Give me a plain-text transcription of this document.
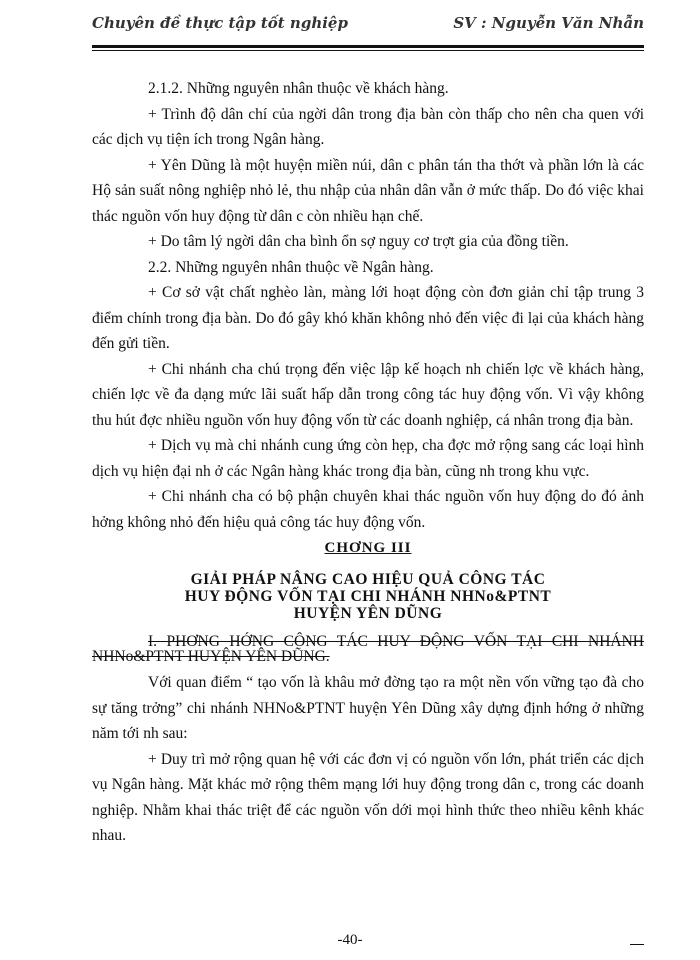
Chuyên đề thực tập tốt nghiệp	SV : Nguyễn Văn Nhẫn

2.1.2. Những nguyên nhân thuộc về khách hàng.

+ Trình độ dân chí của ngời dân trong địa bàn còn thấp cho nên cha quen với các dịch vụ tiện ích trong Ngân hàng.

+ Yên Dũng là một huyện miền núi, dân c phân tán tha thớt và phần lớn là các Hộ sản suất nông nghiệp nhỏ lẻ, thu nhập của nhân dân vẫn ở mức thấp. Do đó việc khai thác nguồn vốn huy động từ dân c còn nhiều hạn chế.

+ Do tâm lý ngời dân cha bình ổn sợ nguy cơ trợt gia của đồng tiền.

2.2. Những nguyên nhân thuộc về Ngân hàng.

+ Cơ sở vật chất nghèo làn, màng lới hoạt động còn đơn giản chỉ tập trung 3 điểm chính trong địa bàn. Do đó gây khó khăn không nhỏ đến việc đi lại của khách hàng đến gửi tiền.

+ Chi nhánh cha chú trọng đến việc lập kế hoạch nh chiến lợc về khách hàng, chiến lợc về đa dạng mức lãi suất hấp dẫn trong công tác huy động vốn. Vì vậy không thu hút đợc nhiều nguồn vốn huy động vốn từ các doanh nghiệp, cá nhân trong địa bàn.

+ Dịch vụ mà chi nhánh cung ứng còn hẹp, cha đợc mở rộng sang các loại hình dịch vụ hiện đại nh ở các Ngân hàng khác trong địa bàn, cũng nh trong khu vực.

+ Chi nhánh cha có bộ phận chuyên khai thác nguồn vốn huy động do đó ảnh hởng không nhỏ đến hiệu quả công tác huy động vốn.

CHƠNG III
GIẢI PHÁP NÂNG CAO HIỆU QUẢ CÔNG TÁC
HUY ĐỘNG VỐN TẠI CHI NHÁNH NHNo&PTNT
HUYỆN YÊN DŨNG
I. PHƠNG HỚNG CÔNG TÁC HUY ĐỘNG VỐN TẠI CHI NHÁNH NHNo&PTNT HUYỆN YÊN DŨNG.

Với quan điểm “ tạo vốn là khâu mở đờng tạo ra một nền vốn vững tạo đà cho sự tăng trởng” chi nhánh NHNo&PTNT huyện Yên Dũng xây dựng định hớng ở những năm tới nh sau:

+ Duy trì mở rộng quan hệ với các đơn vị có nguồn vốn lớn, phát triển các dịch vụ Ngân hàng. Mặt khác mở rộng thêm mạng lới huy động trong dân c, trong các doanh nghiệp. Nhằm khai thác triệt để các nguồn vốn dới mọi hình thức theo nhiều kênh khác nhau.

-40-
